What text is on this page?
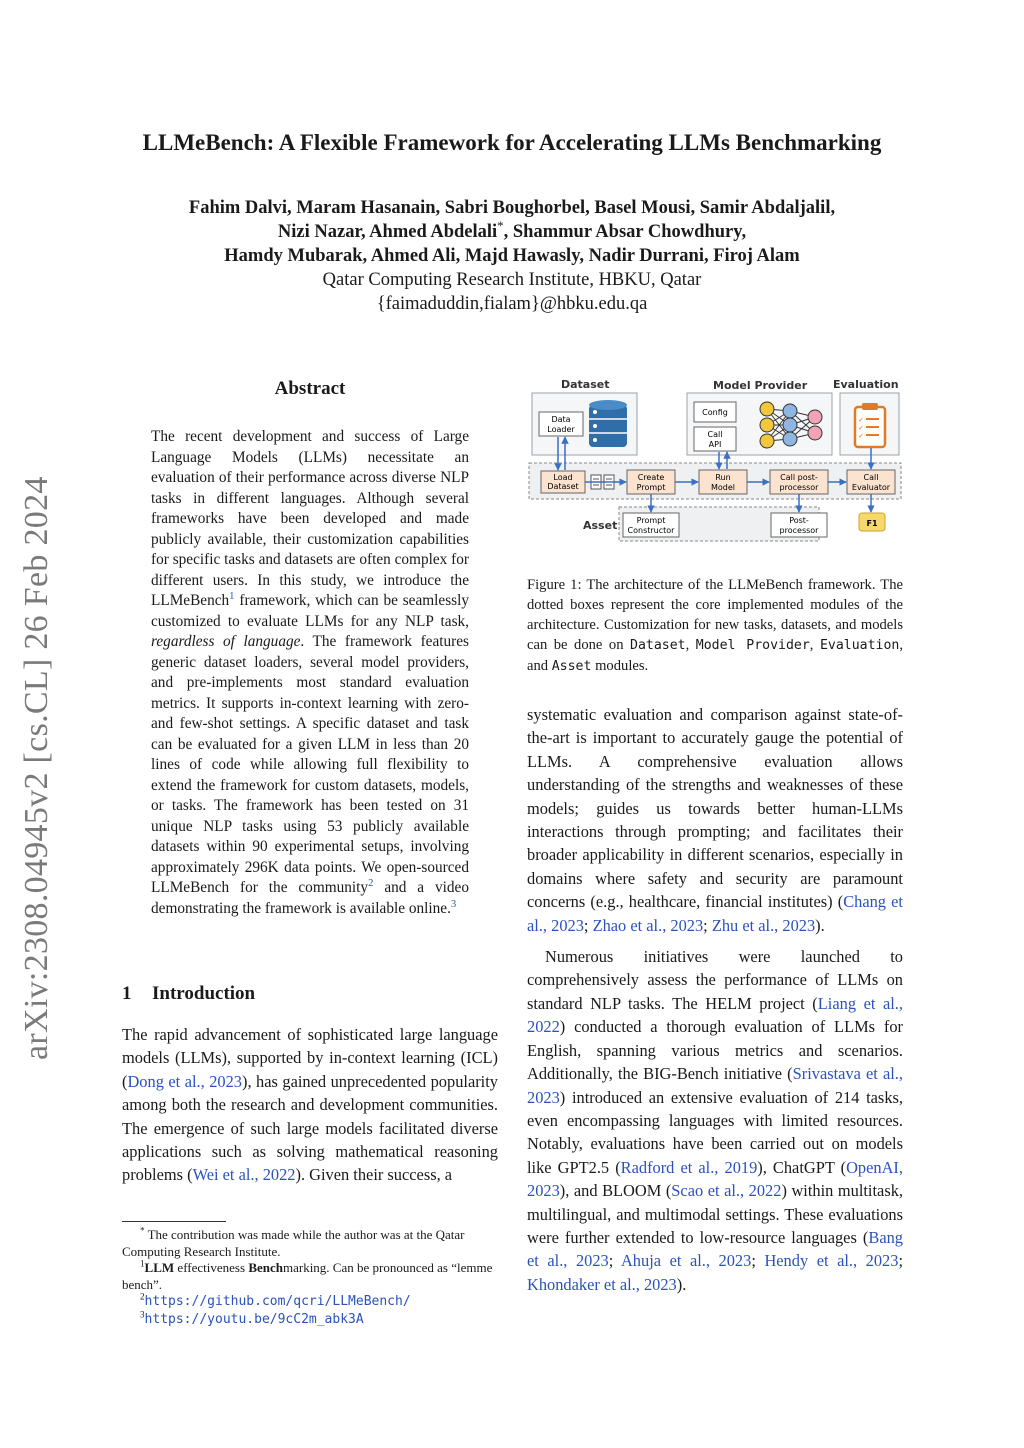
arXiv:2308.04945v2 [cs.CL] 26 Feb 2024
LLMeBench: A Flexible Framework for Accelerating LLMs Benchmarking
Fahim Dalvi, Maram Hasanain, Sabri Boughorbel, Basel Mousi, Samir Abdaljalil,
Nizi Nazar, Ahmed Abdelali*, Shammur Absar Chowdhury,
Hamdy Mubarak, Ahmed Ali, Majd Hawasly, Nadir Durrani, Firoj Alam
Qatar Computing Research Institute, HBKU, Qatar
{faimaduddin,fialam}@hbku.edu.qa
Abstract

The recent development and success of Large Language Models (LLMs) necessitate an evaluation of their performance across diverse NLP tasks in different languages. Although several frameworks have been developed and made publicly available, their customization capabilities for specific tasks and datasets are often complex for different users. In this study, we introduce the LLMeBench$^1$ framework, which can be seamlessly customized to evaluate LLMs for any NLP task, regardless of language. The framework features generic dataset loaders, several model providers, and pre-implements most standard evaluation metrics. It supports in-context learning with zero- and few-shot settings. A specific dataset and task can be evaluated for a given LLM in less than 20 lines of code while allowing full flexibility to extend the framework for custom datasets, models, or tasks. The framework has been tested on 31 unique NLP tasks using 53 publicly available datasets within 90 experimental setups, involving approximately 296K data points. We open-sourced LLMeBench for the community$^2$ and a video demonstrating the framework is available online.$^3$

1 Introduction

The rapid advancement of sophisticated large language models (LLMs), supported by in-context learning (ICL) (Dong et al., 2023), has gained unprecedented popularity among both the research and development communities. The emergence of such large models facilitated diverse applications such as solving mathematical reasoning problems (Wei et al., 2022). Given their success, a

* The contribution was made while the author was at the Qatar Computing Research Institute.

$^1$LLM effectiveness Benchmarking. Can be pronounced as “lemme bench”.

$^2$https://github.com/qcri/LLMeBench/

$^3$https://youtu.be/9cC2m_abk3A

Dataset	Model Provider Evaluation
Data
Loader
Config
Call
API
✓
✓
✓
Load
Dataset
Create
Prompt
Run
Model
Call post-
processor
Call
Evaluator
Asset Prompt
Constructor
Post-
processor
F1
Figure 1: The architecture of the LLMeBench framework. The dotted boxes represent the core implemented modules of the architecture. Customization for new tasks, datasets, and models can be done on Dataset, Model Provider, Evaluation, and Asset modules.

systematic evaluation and comparison against state-of-the-art is important to accurately gauge the potential of LLMs. A comprehensive evaluation allows understanding of the strengths and weaknesses of these models; guides us towards better human-LLMs interactions through prompting; and facilitates their broader applicability in different scenarios, especially in domains where safety and security are paramount concerns (e.g., healthcare, financial institutes) (Chang et al., 2023; Zhao et al., 2023; Zhu et al., 2023).

Numerous initiatives were launched to comprehensively assess the performance of LLMs on standard NLP tasks. The HELM project (Liang et al., 2022) conducted a thorough evaluation of LLMs for English, spanning various metrics and scenarios. Additionally, the BIG-Bench initiative (Srivastava et al., 2023) introduced an extensive evaluation of 214 tasks, even encompassing languages with limited resources. Notably, evaluations have been carried out on models like GPT2.5 (Radford et al., 2019), ChatGPT (OpenAI, 2023), and BLOOM (Scao et al., 2022) within multitask, multilingual, and multimodal settings. These evaluations were further extended to low-resource languages (Bang et al., 2023; Ahuja et al., 2023; Hendy et al., 2023; Khondaker et al., 2023).
